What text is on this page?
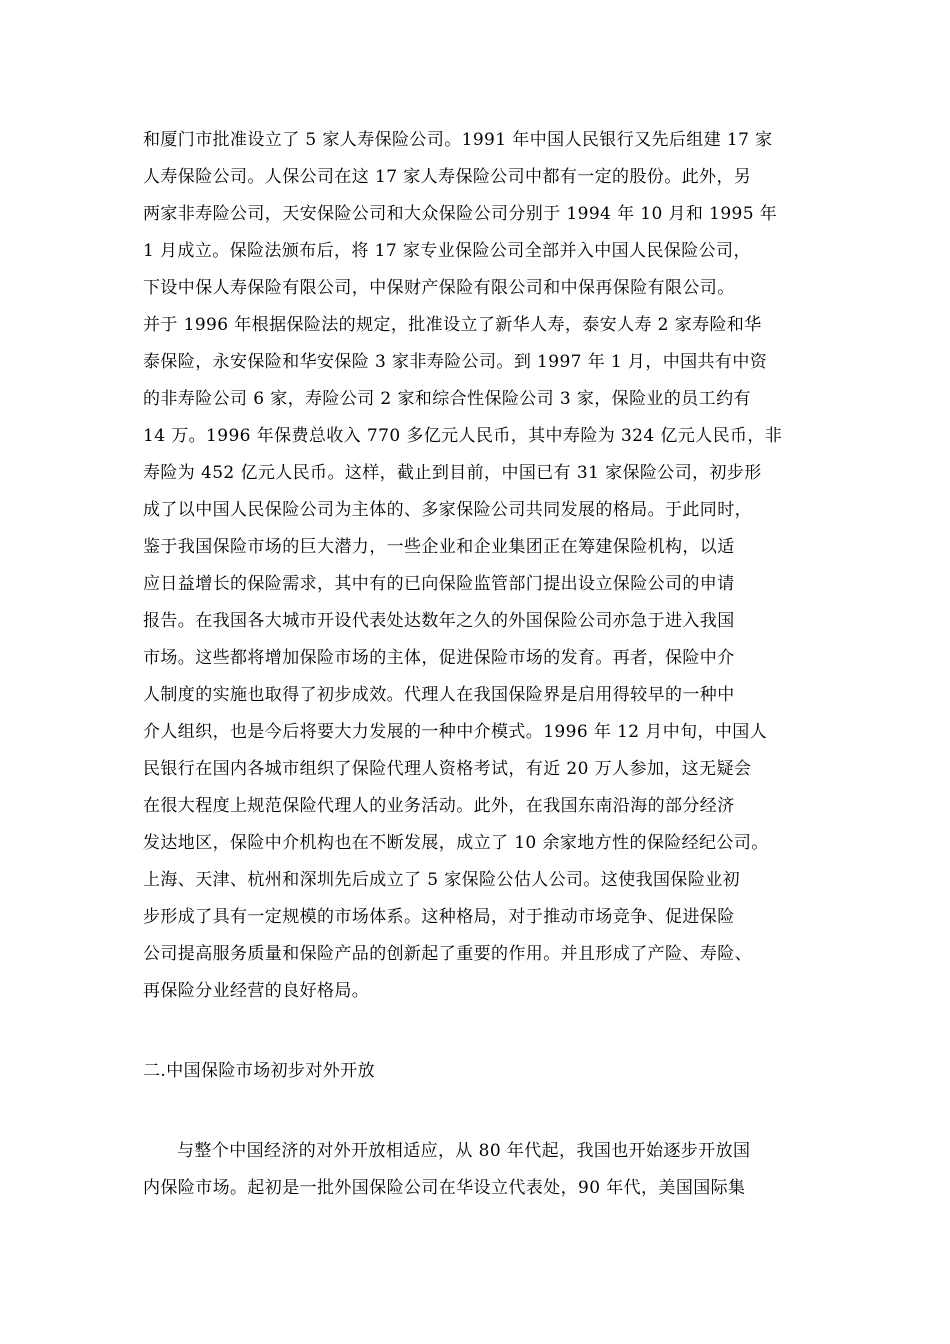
和厦门市批准设立了 5 家人寿保险公司。1991 年中国人民银行又先后组建 17 家
人寿保险公司。人保公司在这 17 家人寿保险公司中都有一定的股份。此外，另
两家非寿险公司，天安保险公司和大众保险公司分别于 1994 年 10 月和 1995 年
1 月成立。保险法颁布后，将 17 家专业保险公司全部并入中国人民保险公司，
下设中保人寿保险有限公司，中保财产保险有限公司和中保再保险有限公司。
并于 1996 年根据保险法的规定，批准设立了新华人寿，泰安人寿 2 家寿险和华
泰保险，永安保险和华安保险 3 家非寿险公司。到 1997 年 1 月，中国共有中资
的非寿险公司 6 家，寿险公司 2 家和综合性保险公司 3 家，保险业的员工约有
14 万。1996 年保费总收入 770 多亿元人民币，其中寿险为 324 亿元人民币，非
寿险为 452 亿元人民币。这样，截止到目前，中国已有 31 家保险公司，初步形
成了以中国人民保险公司为主体的、多家保险公司共同发展的格局。于此同时，
鉴于我国保险市场的巨大潜力，一些企业和企业集团正在筹建保险机构，以适
应日益增长的保险需求，其中有的已向保险监管部门提出设立保险公司的申请
报告。在我国各大城市开设代表处达数年之久的外国保险公司亦急于进入我国
市场。这些都将增加保险市场的主体，促进保险市场的发育。再者，保险中介
人制度的实施也取得了初步成效。代理人在我国保险界是启用得较早的一种中
介人组织，也是今后将要大力发展的一种中介模式。1996 年 12 月中旬，中国人
民银行在国内各城市组织了保险代理人资格考试，有近 20 万人参加，这无疑会
在很大程度上规范保险代理人的业务活动。此外，在我国东南沿海的部分经济
发达地区，保险中介机构也在不断发展，成立了 10 余家地方性的保险经纪公司。
上海、天津、杭州和深圳先后成立了 5 家保险公估人公司。这使我国保险业初
步形成了具有一定规模的市场体系。这种格局，对于推动市场竞争、促进保险
公司提高服务质量和保险产品的创新起了重要的作用。并且形成了产险、寿险、
再保险分业经营的良好格局。
二.中国保险市场初步对外开放
与整个中国经济的对外开放相适应，从 80 年代起，我国也开始逐步开放国
内保险市场。起初是一批外国保险公司在华设立代表处，90 年代，美国国际集
